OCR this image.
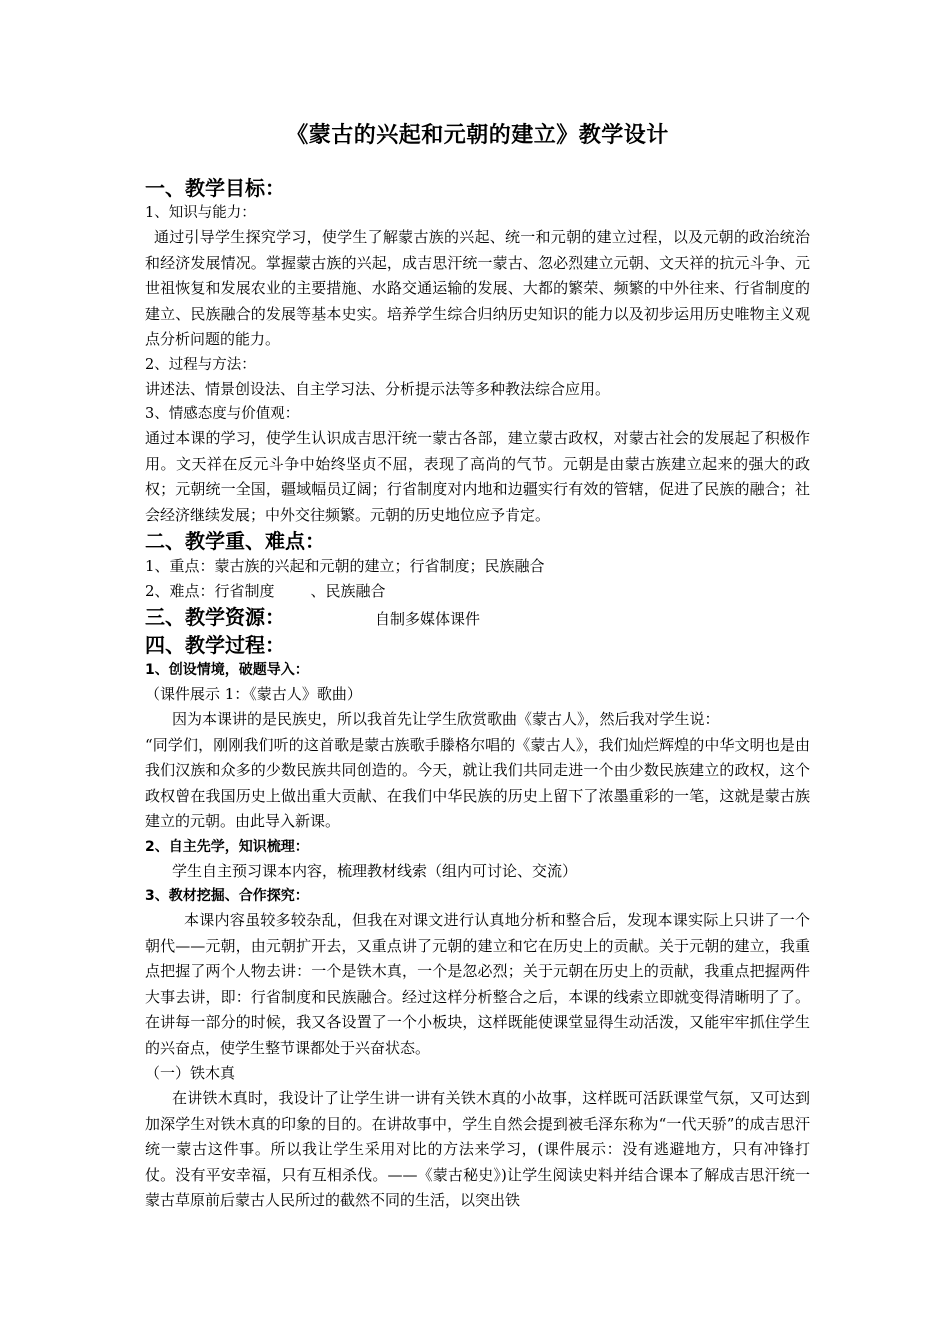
《蒙古的兴起和元朝的建立》教学设计
一、教学目标：
1、知识与能力：

通过引导学生探究学习，使学生了解蒙古族的兴起、统一和元朝的建立过程，以及元朝的政治统治和经济发展情况。掌握蒙古族的兴起，成吉思汗统一蒙古、忽必烈建立元朝、文天祥的抗元斗争、元世祖恢复和发展农业的主要措施、水路交通运输的发展、大都的繁荣、频繁的中外往来、行省制度的建立、民族融合的发展等基本史实。培养学生综合归纳历史知识的能力以及初步运用历史唯物主义观点分析问题的能力。

2、过程与方法：

讲述法、情景创设法、自主学习法、分析提示法等多种教法综合应用。

3、情感态度与价值观：

通过本课的学习，使学生认识成吉思汗统一蒙古各部，建立蒙古政权，对蒙古社会的发展起了积极作用。文天祥在反元斗争中始终坚贞不屈，表现了高尚的气节。元朝是由蒙古族建立起来的强大的政权；元朝统一全国，疆域幅员辽阔；行省制度对内地和边疆实行有效的管辖，促进了民族的融合；社会经济继续发展；中外交往频繁。元朝的历史地位应予肯定。

二、教学重、难点：
1、重点：蒙古族的兴起和元朝的建立；行省制度；民族融合
2、难点：行省制度 、民族融合
三、教学资源：	自制多媒体课件
四、教学过程：
1、创设情境，破题导入：
（课件展示 1：《蒙古人》歌曲）

因为本课讲的是民族史，所以我首先让学生欣赏歌曲《蒙古人》，然后我对学生说：

“同学们，刚刚我们听的这首歌是蒙古族歌手滕格尔唱的《蒙古人》，我们灿烂辉煌的中华文明也是由我们汉族和众多的少数民族共同创造的。今天，就让我们共同走进一个由少数民族建立的政权，这个政权曾在我国历史上做出重大贡献、在我们中华民族的历史上留下了浓墨重彩的一笔，这就是蒙古族建立的元朝。由此导入新课。

2、自主先学，知识梳理：

学生自主预习课本内容，梳理教材线索（组内可讨论、交流）

3、教材挖掘、合作探究：

本课内容虽较多较杂乱，但我在对课文进行认真地分析和整合后，发现本课实际上只讲了一个朝代——元朝，由元朝扩开去，又重点讲了元朝的建立和它在历史上的贡献。关于元朝的建立，我重点把握了两个人物去讲：一个是铁木真，一个是忽必烈；关于元朝在历史上的贡献，我重点把握两件大事去讲，即：行省制度和民族融合。经过这样分析整合之后，本课的线索立即就变得清晰明了了。在讲每一部分的时候，我又各设置了一个小板块，这样既能使课堂显得生动活泼，又能牢牢抓住学生的兴奋点，使学生整节课都处于兴奋状态。

（一）铁木真

在讲铁木真时，我设计了让学生讲一讲有关铁木真的小故事，这样既可活跃课堂气氛，又可达到加深学生对铁木真的印象的目的。在讲故事中，学生自然会提到被毛泽东称为“一代天骄”的成吉思汗统一蒙古这件事。所以我让学生采用对比的方法来学习，(课件展示：没有逃避地方，只有冲锋打仗。没有平安幸福，只有互相杀伐。——《蒙古秘史》)让学生阅读史料并结合课本了解成吉思汗统一蒙古草原前后蒙古人民所过的截然不同的生活，以突出铁
